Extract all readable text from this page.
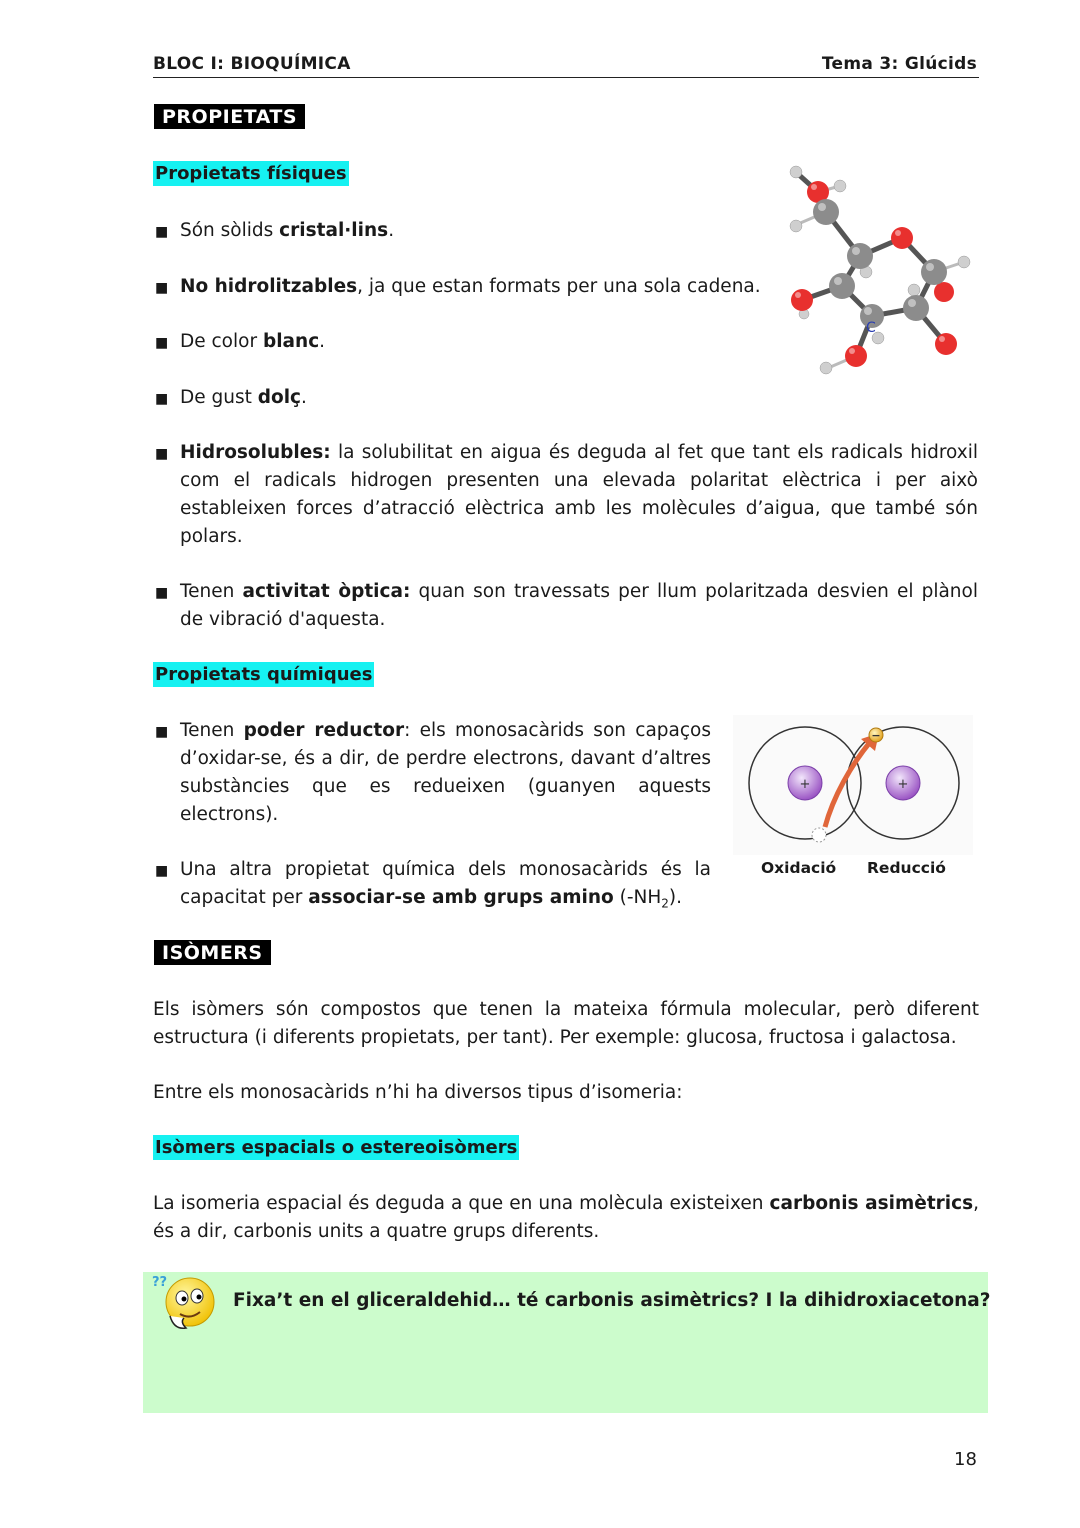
BLOC I: BIOQUÍMICA	Tema 3: Glúcids
PROPIETATS
Propietats físiques
■ Són sòlids cristal·lins.
■ No hidrolitzables, ja que estan formats per una sola cadena.
■ De color blanc.
■ De gust dolç.
■ Hidrosolubles: la solubilitat en aigua és deguda al fet que tant els radicals hidroxil com el radicals hidrogen presenten una elevada polaritat elèctrica i per això estableixen forces d’atracció elèctrica amb les molècules d’aigua, que també són polars.
■ Tenen activitat òptica: quan son travessats per llum polaritzada desvien el plànol de vibració d'aquesta.
C
Propietats químiques
■ Tenen poder reductor: els monosacàrids son capaços d’oxidar-se, és a dir, de perdre electrons, davant d’altres substàncies que es redueixen (guanyen aquests electrons).
■ Una altra propietat química dels monosacàrids és la capacitat per associar-se amb grups amino $(-NH_2)$.
+	+
−
Oxidació Reducció
ISÒMERS
Els isòmers són compostos que tenen la mateixa fórmula molecular, però diferent estructura (i diferents propietats, per tant). Per exemple: glucosa, fructosa i galactosa.
Entre els monosacàrids n’hi ha diversos tipus d’isomeria:
Isòmers espacials o estereoisòmers
La isomeria espacial és deguda a que en una molècula existeixen carbonis asimètrics, és a dir, carbonis units a quatre grups diferents.
??
Fixa’t en el gliceraldehid… té carbonis asimètrics? I la dihidroxiacetona?
18
